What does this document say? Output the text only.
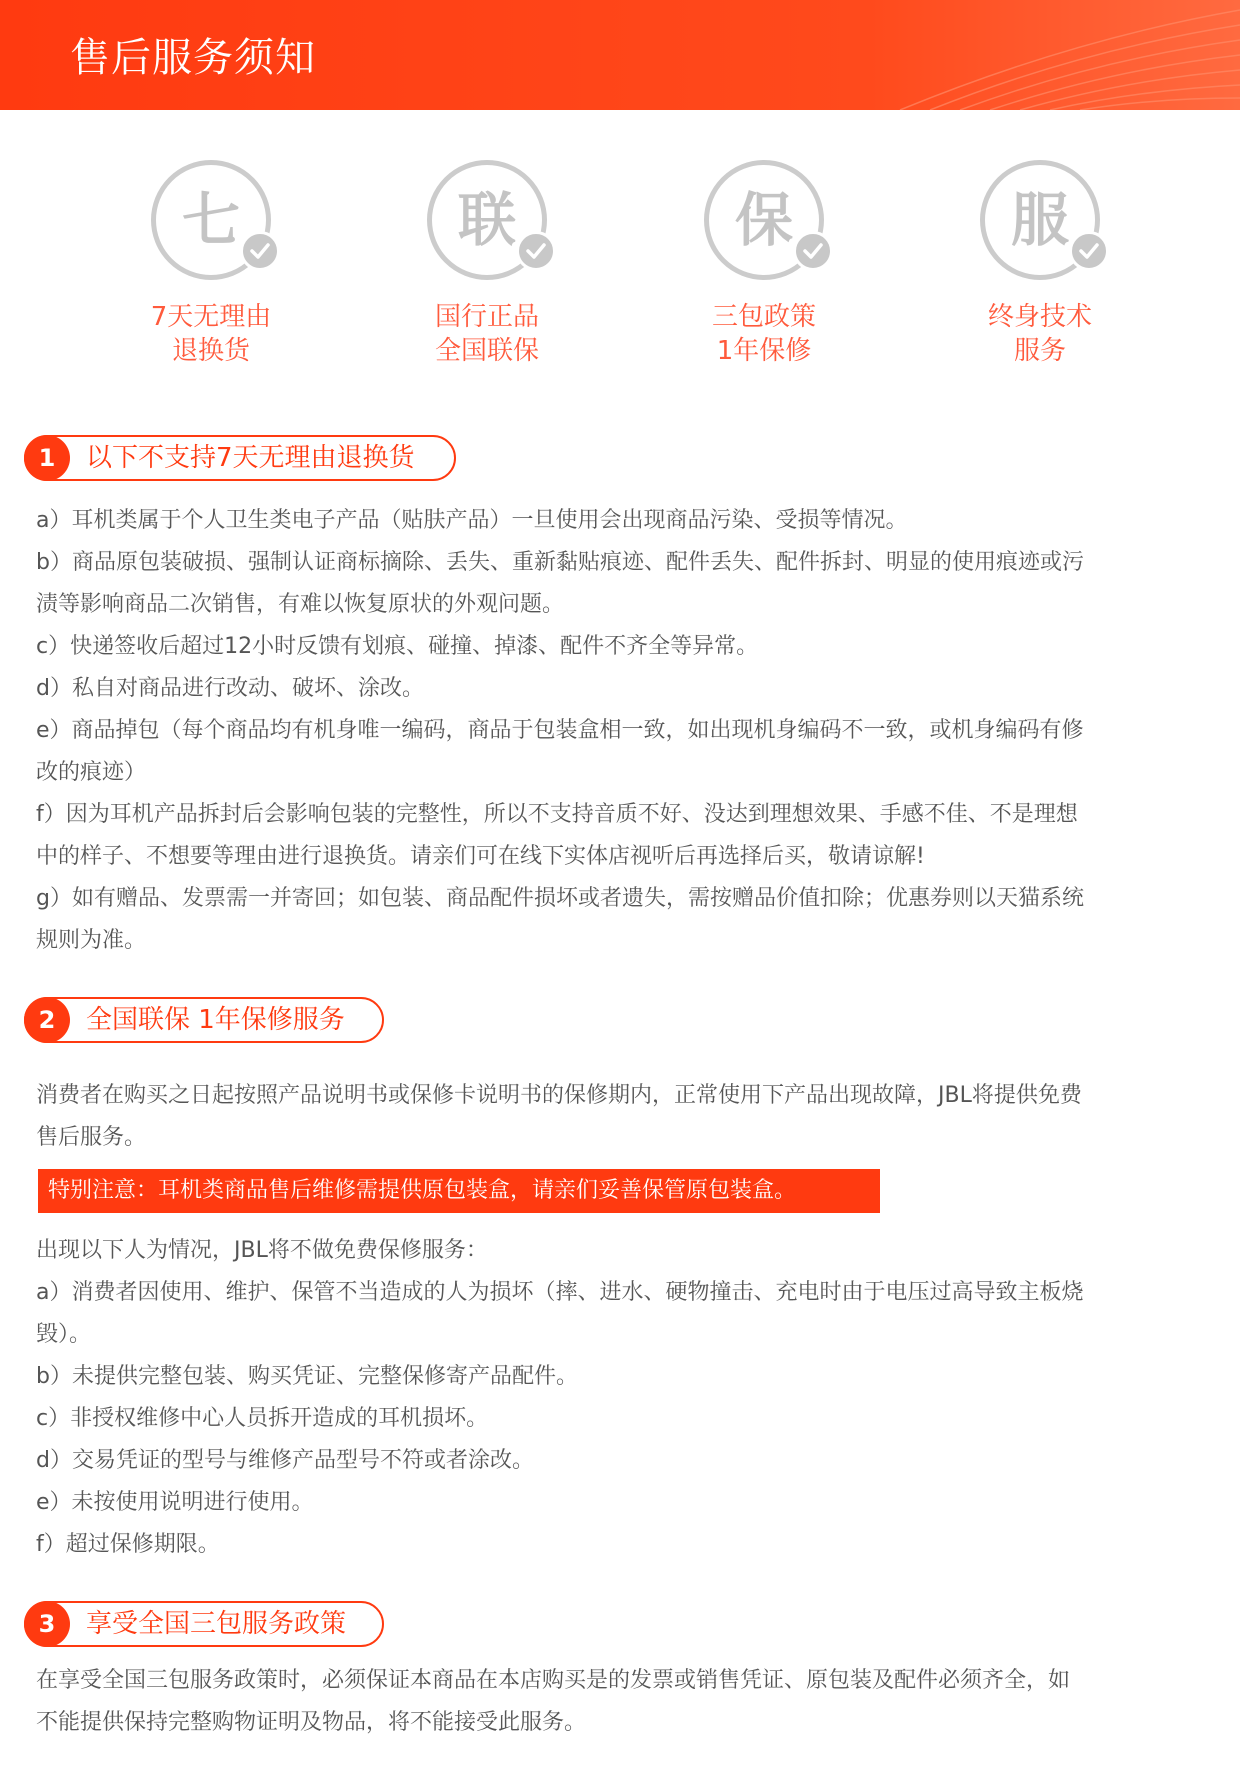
售后服务须知
七
7天无理由
退换货
联
国行正品
全国联保
保
三包政策
1年保修
服
终身技术
服务
1	以下不支持7天无理由退换货

a）耳机类属于个人卫生类电子产品（贴肤产品）一旦使用会出现商品污染、受损等情况。

b）商品原包装破损、强制认证商标摘除、丢失、重新黏贴痕迹、配件丢失、配件拆封、明显的使用痕迹或污

渍等影响商品二次销售，有难以恢复原状的外观问题。

c）快递签收后超过12小时反馈有划痕、碰撞、掉漆、配件不齐全等异常。

d）私自对商品进行改动、破坏、涂改。

e）商品掉包（每个商品均有机身唯一编码，商品于包装盒相一致，如出现机身编码不一致，或机身编码有修

改的痕迹）

f）因为耳机产品拆封后会影响包装的完整性，所以不支持音质不好、没达到理想效果、手感不佳、不是理想

中的样子、不想要等理由进行退换货。请亲们可在线下实体店视听后再选择后买，敬请谅解!

g）如有赠品、发票需一并寄回；如包装、商品配件损坏或者遗失，需按赠品价值扣除；优惠券则以天猫系统

规则为准。

2	全国联保 1年保修服务

消费者在购买之日起按照产品说明书或保修卡说明书的保修期内，正常使用下产品出现故障，JBL将提供免费

售后服务。

特别注意：耳机类商品售后维修需提供原包装盒，请亲们妥善保管原包装盒。

出现以下人为情况，JBL将不做免费保修服务：

a）消费者因使用、维护、保管不当造成的人为损坏（摔、进水、硬物撞击、充电时由于电压过高导致主板烧

毁）。

b）未提供完整包装、购买凭证、完整保修寄产品配件。

c）非授权维修中心人员拆开造成的耳机损坏。

d）交易凭证的型号与维修产品型号不符或者涂改。

e）未按使用说明进行使用。

f）超过保修期限。

3	享受全国三包服务政策

在享受全国三包服务政策时，必须保证本商品在本店购买是的发票或销售凭证、原包装及配件必须齐全，如

不能提供保持完整购物证明及物品，将不能接受此服务。
